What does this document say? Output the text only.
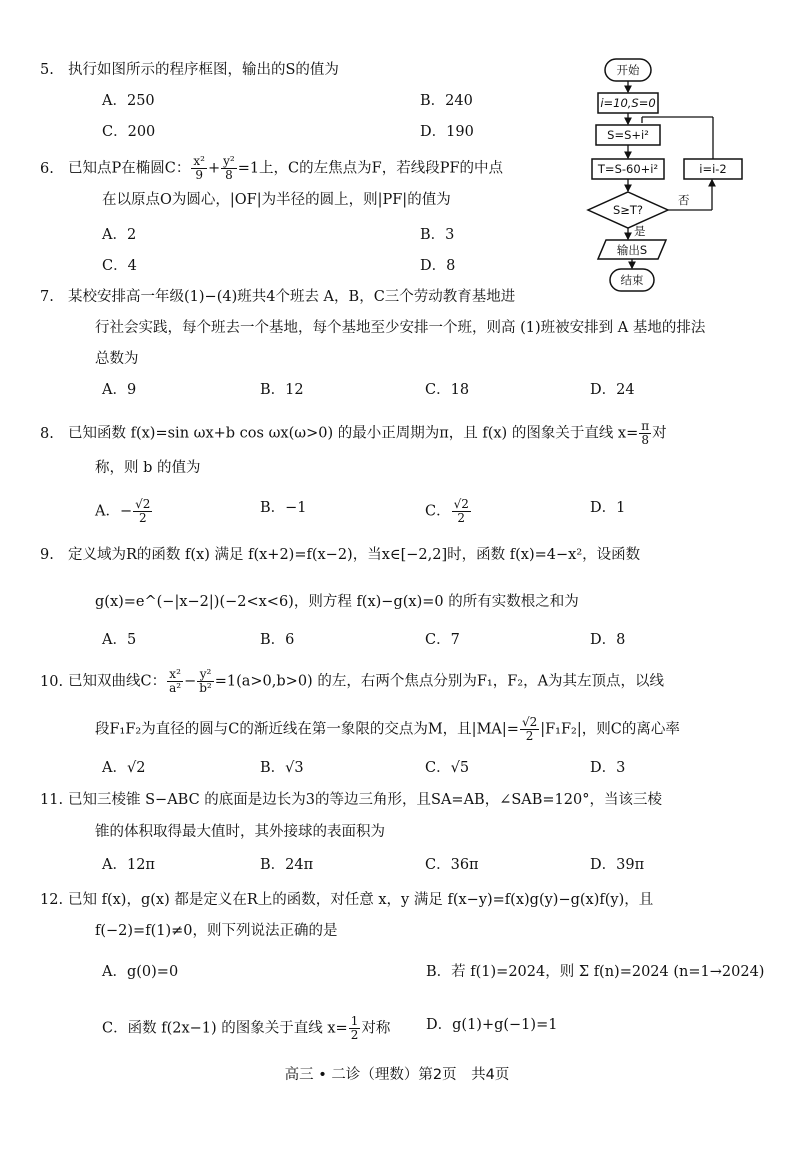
5. 执行如图所示的程序框图，输出的S的值为
A．250	B．240
C．200	D．190
开始
i=10,S=0
S=S+i²
T=S-60+i²
S≥T?
否
i=i-2
是
输出S
结束
6. 已知点P在椭圆C： $\frac{\text{x²}}{9} + \frac{\text{y²}}{8} =1$上，C的左焦点为F，若线段PF的中点
在以原点O为圆心，|OF|为半径的圆上，则|PF|的值为
A．2	B．3
C．4	D．8
7. 某校安排高一年级(1)−(4)班共4个班去 A，B，C三个劳动教育基地进
行社会实践，每个班去一个基地，每个基地至少安排一个班，则高 (1)班被安排到 A 基地的排法
总数为
A．9	B．12	C．18	D．24
8. 已知函数 f(x)=sin ωx+b cos ωx(ω>0) 的最小正周期为π，且 f(x) 的图象关于直线 $x= \frac{\pi}{8}$ 对
称，则 b 的值为
A．− $\frac{√2}{2}$	B．−1	C． $\frac{√2}{2}$	D．1
9. 定义域为R的函数 f(x) 满足 f(x+2)=f(x−2)，当x∈[−2,2]时，函数 f(x)=4−x²，设函数
g(x)=e^(−|x−2|)(−2<x<6)，则方程 f(x)−g(x)=0 的所有实数根之和为
A．5	B．6	C．7	D．8
10. 已知双曲线C： $\frac{\text{x²}}{\text{a²}} - \frac{\text{y²}}{\text{b²}} =1(a>0,b>0)$ 的左，右两个焦点分别为F₁，F₂，A为其左顶点，以线
段F₁F₂为直径的圆与C的渐近线在第一象限的交点为M，且$|MA|= \frac{√2}{2} |F_1F_2|$，则C的离心率
A．√2	B．√3	C．√5	D．3
11. 已知三棱锥 S−ABC 的底面是边长为3的等边三角形，且SA=AB，∠SAB=120°，当该三棱
锥的体积取得最大值时，其外接球的表面积为
A．12π	B．24π	C．36π	D．39π
12. 已知 f(x)，g(x) 都是定义在R上的函数，对任意 x，y 满足 f(x−y)=f(x)g(y)−g(x)f(y)，且
f(−2)=f(1)≠0，则下列说法正确的是
A．g(0)=0	B．若 f(1)=2024，则 Σ f(n)=2024 (n=1→2024)
C．函数 f(2x−1) 的图象关于直线 $x= \frac{1}{2}$ 对称 D．g(1)+g(−1)=1
高三 • 二诊（理数）第2页　共4页
